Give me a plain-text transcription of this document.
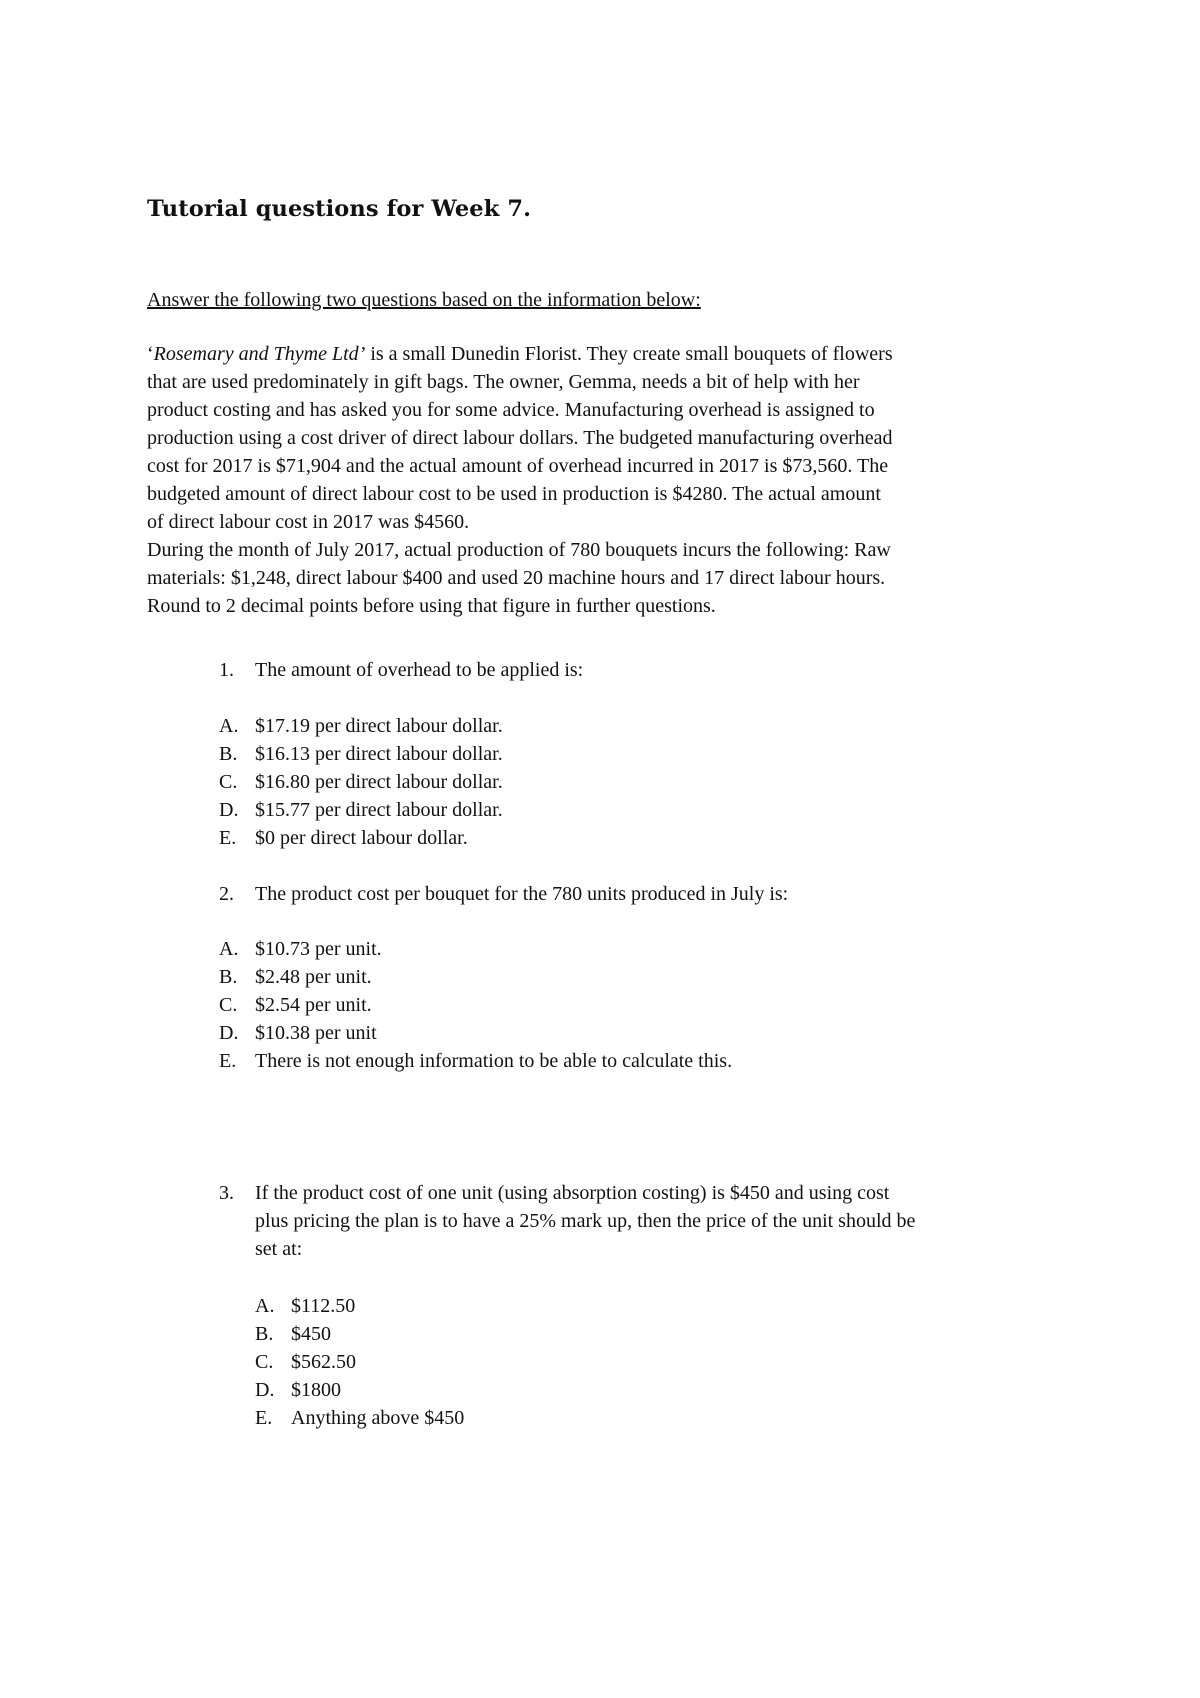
Tutorial questions for Week 7.

Answer the following two questions based on the information below:

‘Rosemary and Thyme Ltd’ is a small Dunedin Florist. They create small bouquets of flowers
that are used predominately in gift bags. The owner, Gemma, needs a bit of help with her
product costing and has asked you for some advice. Manufacturing overhead is assigned to
production using a cost driver of direct labour dollars. The budgeted manufacturing overhead
cost for 2017 is $71,904 and the actual amount of overhead incurred in 2017 is $73,560. The
budgeted amount of direct labour cost to be used in production is $4280. The actual amount
of direct labour cost in 2017 was $4560.
During the month of July 2017, actual production of 780 bouquets incurs the following: Raw
materials: $1,248, direct labour $400 and used 20 machine hours and 17 direct labour hours.
Round to 2 decimal points before using that figure in further questions.
1. The amount of overhead to be applied is:
A. $17.19 per direct labour dollar.
B. $16.13 per direct labour dollar.
C. $16.80 per direct labour dollar.
D. $15.77 per direct labour dollar.
E. $0 per direct labour dollar.
2. The product cost per bouquet for the 780 units produced in July is:
A. $10.73 per unit.
B. $2.48 per unit.
C. $2.54 per unit.
D. $10.38 per unit
E. There is not enough information to be able to calculate this.
3. If the product cost of one unit (using absorption costing) is $450 and using cost
plus pricing the plan is to have a 25% mark up, then the price of the unit should be
set at:
A. $112.50
B. $450
C. $562.50
D. $1800
E. Anything above $450
